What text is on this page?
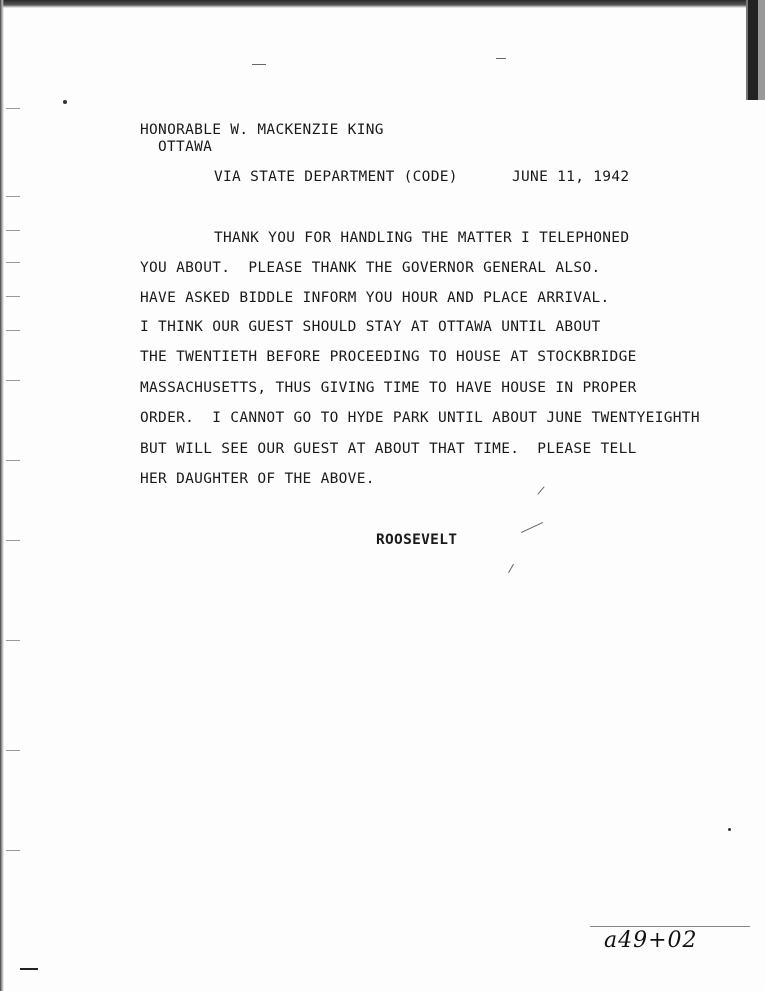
HONORABLE W. MACKENZIE KING
OTTAWA
VIA STATE DEPARTMENT (CODE)	JUNE 11, 1942
THANK YOU FOR HANDLING THE MATTER I TELEPHONED
YOU ABOUT.  PLEASE THANK THE GOVERNOR GENERAL ALSO.
HAVE ASKED BIDDLE INFORM YOU HOUR AND PLACE ARRIVAL.
I THINK OUR GUEST SHOULD STAY AT OTTAWA UNTIL ABOUT
THE TWENTIETH BEFORE PROCEEDING TO HOUSE AT STOCKBRIDGE
MASSACHUSETTS, THUS GIVING TIME TO HAVE HOUSE IN PROPER
ORDER.  I CANNOT GO TO HYDE PARK UNTIL ABOUT JUNE TWENTYEIGHTH
BUT WILL SEE OUR GUEST AT ABOUT THAT TIME.  PLEASE TELL
HER DAUGHTER OF THE ABOVE.
ROOSEVELT
a49+02
